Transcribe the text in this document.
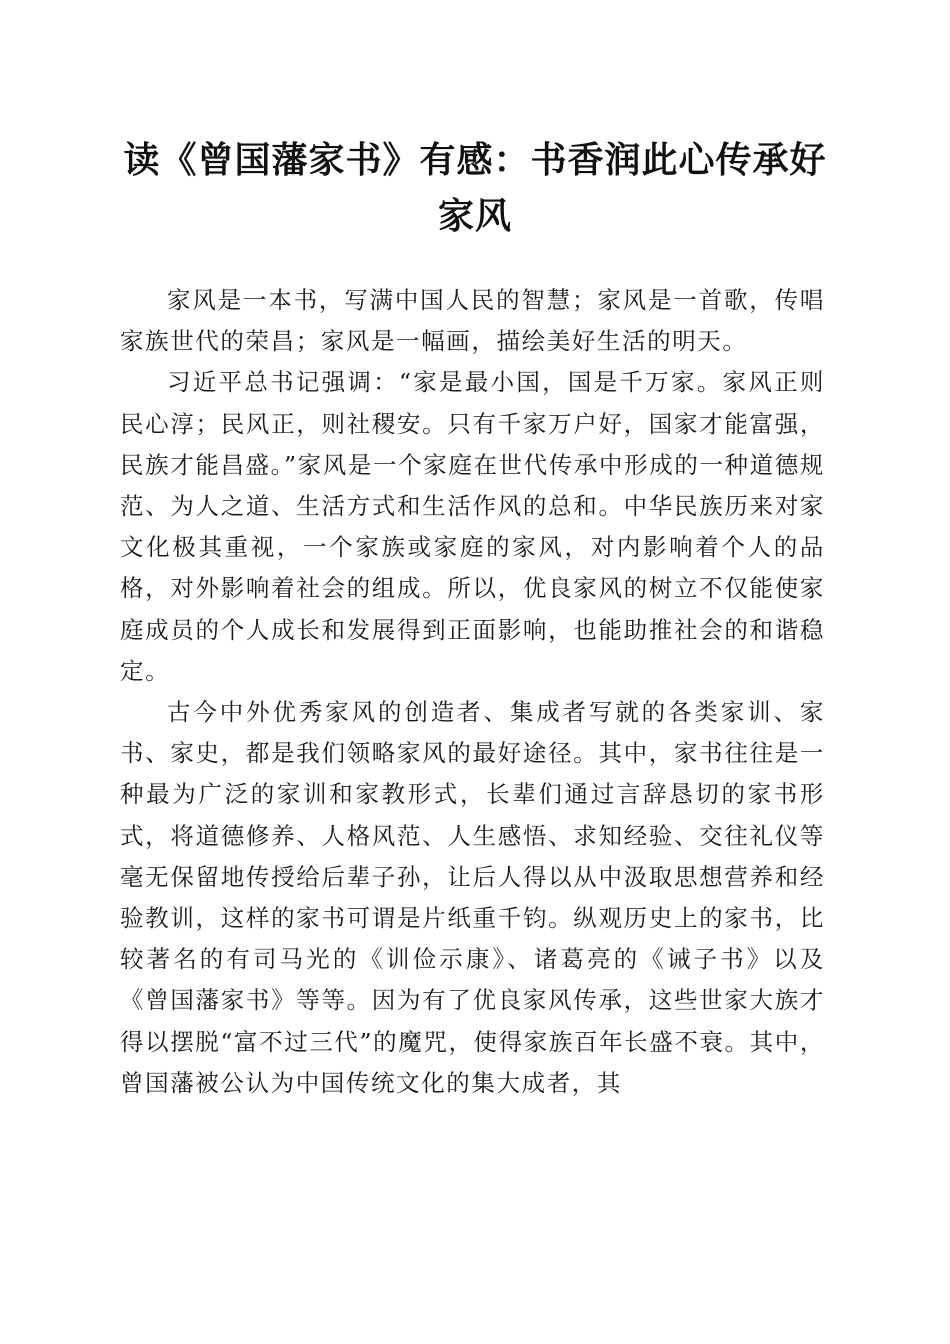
读《曾国藩家书》有感：书香润此心传承好家风

家风是一本书，写满中国人民的智慧；家风是一首歌，传唱家族世代的荣昌；家风是一幅画，描绘美好生活的明天。

习近平总书记强调：“家是最小国，国是千万家。家风正则民心淳；民风正，则社稷安。只有千家万户好，国家才能富强，民族才能昌盛。”家风是一个家庭在世代传承中形成的一种道德规范、为人之道、生活方式和生活作风的总和。中华民族历来对家文化极其重视，一个家族或家庭的家风，对内影响着个人的品格，对外影响着社会的组成。所以，优良家风的树立不仅能使家庭成员的个人成长和发展得到正面影响，也能助推社会的和谐稳定。

古今中外优秀家风的创造者、集成者写就的各类家训、家书、家史，都是我们领略家风的最好途径。其中，家书往往是一种最为广泛的家训和家教形式，长辈们通过言辞恳切的家书形式，将道德修养、人格风范、人生感悟、求知经验、交往礼仪等毫无保留地传授给后辈子孙，让后人得以从中汲取思想营养和经验教训，这样的家书可谓是片纸重千钧。纵观历史上的家书，比较著名的有司马光的《训俭示康》、诸葛亮的《诫子书》以及《曾国藩家书》等等。因为有了优良家风传承，这些世家大族才得以摆脱“富不过三代”的魔咒，使得家族百年长盛不衰。其中，曾国藩被公认为中国传统文化的集大成者，其
